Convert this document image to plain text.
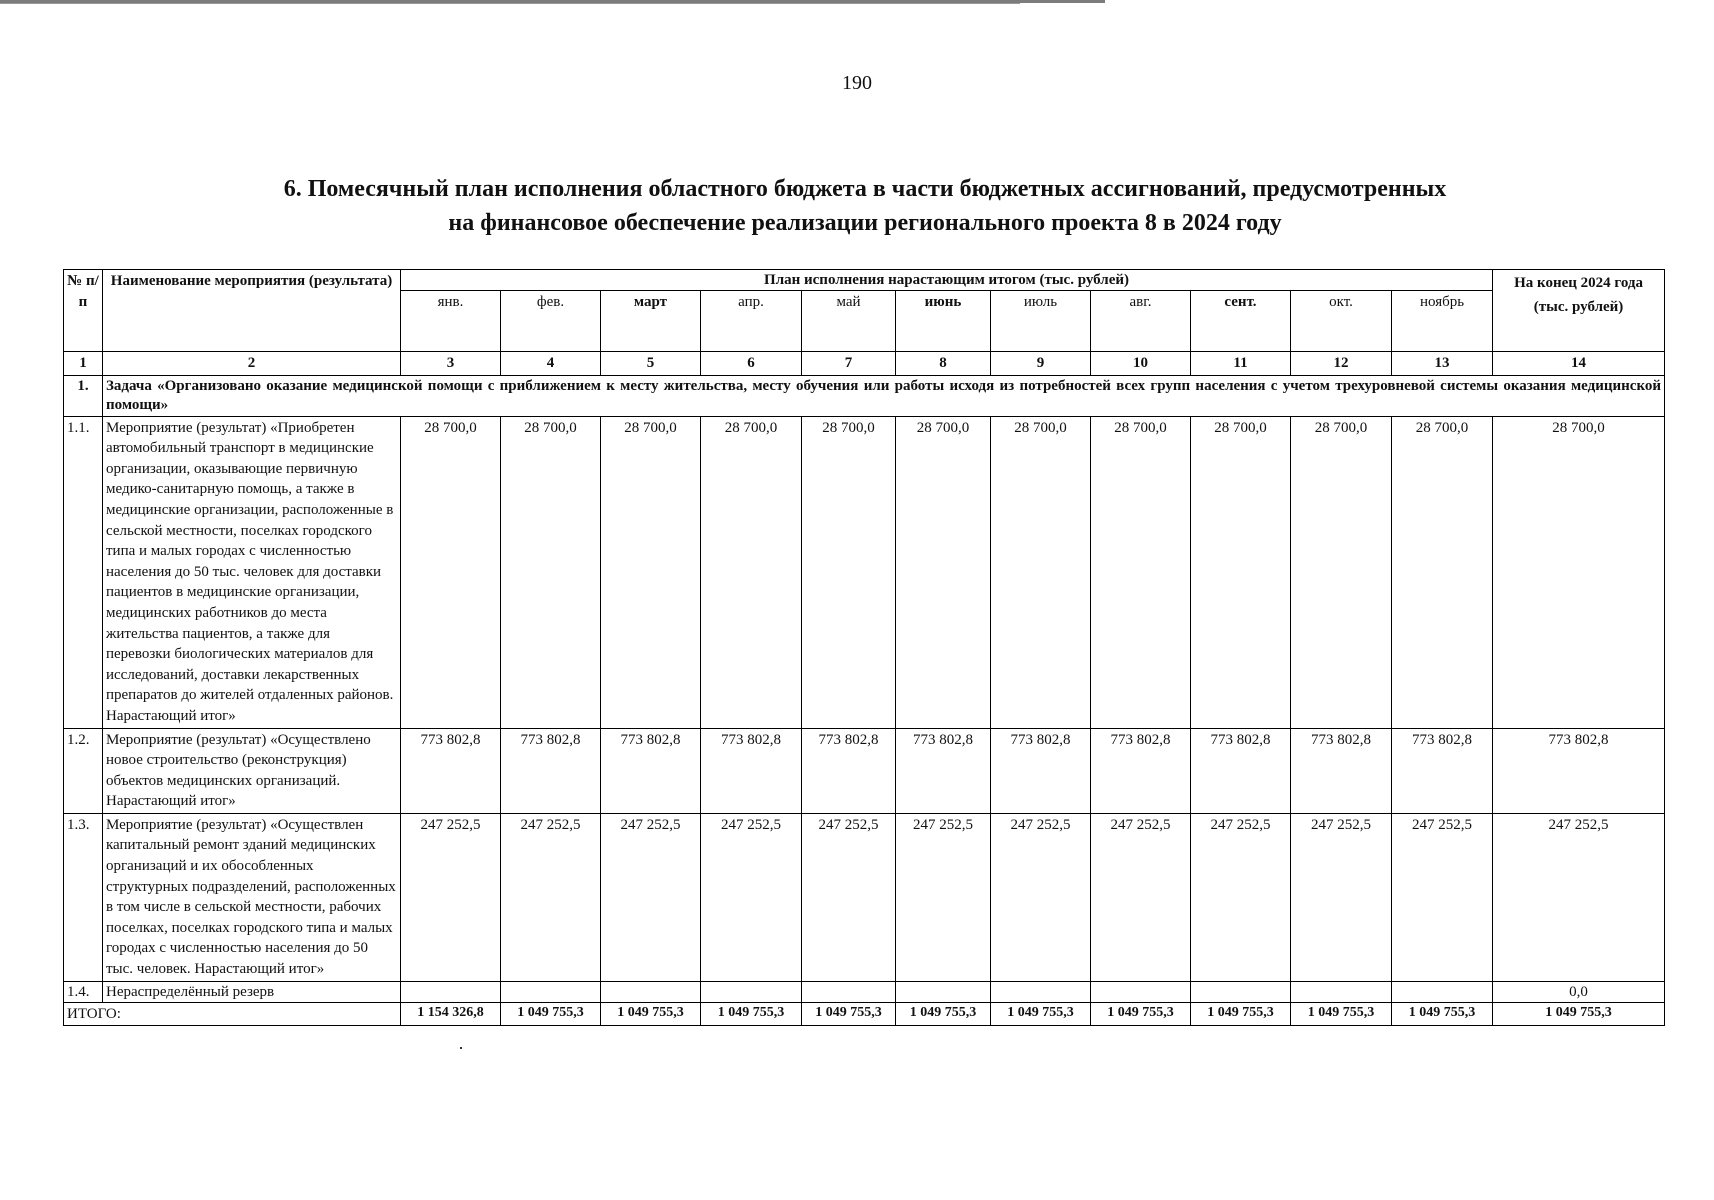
190
6. Помесячный план исполнения областного бюджета в части бюджетных ассигнований, предусмотренных
на финансовое обеспечение реализации регионального проекта 8 в 2024 году
№ п/п	Наименование мероприятия (результата)	План исполнения нарастающим итогом (тыс. рублей)											На конец 2024 года (тыс. рублей)
		янв.	фев.	март	апр.	май	июнь	июль	авг.	сент.	окт.	ноябрь	
1	2	3	4	5	6	7	8	9	10	11	12	13	14
1.	Задача «Организовано оказание медицинской помощи с приближением к месту жительства, месту обучения или работы исходя из потребностей всех групп населения с учетом трехуровневой системы оказания медицинской помощи»												
1.1.	Мероприятие (результат) «Приобретен автомобильный транспорт в медицинские организации, оказывающие первичную медико-санитарную помощь, а также в медицинские организации, расположенные в сельской местности, поселках городского типа и малых городах с численностью населения до 50 тыс. человек для доставки пациентов в медицинские организации, медицинских работников до места жительства пациентов, а также для перевозки биологических материалов для исследований, доставки лекарственных препаратов до жителей отдаленных районов. Нарастающий итог»	28 700,0	28 700,0	28 700,0	28 700,0	28 700,0	28 700,0	28 700,0	28 700,0	28 700,0	28 700,0	28 700,0	28 700,0
1.2.	Мероприятие (результат) «Осуществлено новое строительство (реконструкция) объектов медицинских организаций. Нарастающий итог»	773 802,8	773 802,8	773 802,8	773 802,8	773 802,8	773 802,8	773 802,8	773 802,8	773 802,8	773 802,8	773 802,8	773 802,8
1.3.	Мероприятие (результат) «Осуществлен капитальный ремонт зданий медицинских организаций и их обособленных структурных подразделений, расположенных в том числе в сельской местности, рабочих поселках, поселках городского типа и малых городах с численностью населения до 50 тыс. человек. Нарастающий итог»	247 252,5	247 252,5	247 252,5	247 252,5	247 252,5	247 252,5	247 252,5	247 252,5	247 252,5	247 252,5	247 252,5	247 252,5
1.4.	Нераспределённый резерв												0,0
ИТОГО:		1 154 326,8	1 049 755,3	1 049 755,3	1 049 755,3	1 049 755,3	1 049 755,3	1 049 755,3	1 049 755,3	1 049 755,3	1 049 755,3	1 049 755,3	1 049 755,3
